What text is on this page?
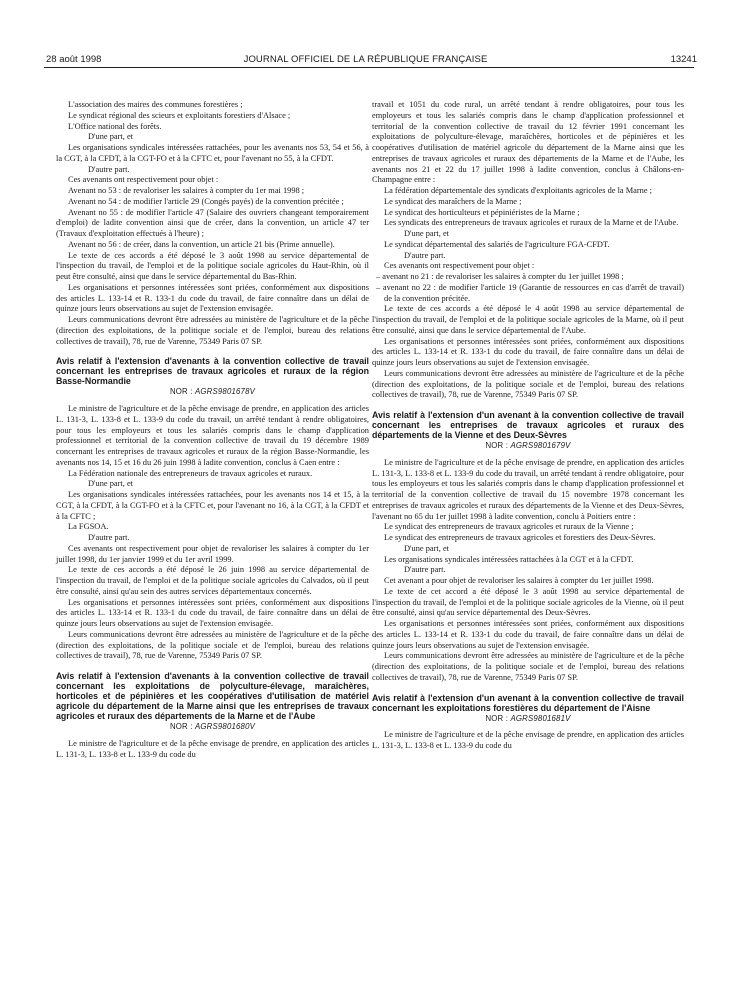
28 août 1998	JOURNAL OFFICIEL DE LA RÉPUBLIQUE FRANÇAISE	13241

L'association des maires des communes forestières ;

Le syndicat régional des scieurs et exploitants forestiers d'Alsace ;

L'Office national des forêts.

D'une part, et

Les organisations syndicales intéressées rattachées, pour les avenants nos 53, 54 et 56, à la CGT, à la CFDT, à la CGT-FO et à la CFTC et, pour l'avenant no 55, à la CFDT.

D'autre part.

Ces avenants ont respectivement pour objet :

Avenant no 53 : de revaloriser les salaires à compter du 1er mai 1998 ;

Avenant no 54 : de modifier l'article 29 (Congés payés) de la convention précitée ;

Avenant no 55 : de modifier l'article 47 (Salaire des ouvriers changeant temporairement d'emploi) de ladite convention ainsi que de créer, dans la convention, un article 47 ter (Travaux d'exploitation effectués à l'heure) ;

Avenant no 56 : de créer, dans la convention, un article 21 bis (Prime annuelle).

Le texte de ces accords a été déposé le 3 août 1998 au service départemental de l'inspection du travail, de l'emploi et de la politique sociale agricoles du Haut-Rhin, où il peut être consulté, ainsi que dans le service départemental du Bas-Rhin.

Les organisations et personnes intéressées sont priées, conformément aux dispositions des articles L. 133-14 et R. 133-1 du code du travail, de faire connaître dans un délai de quinze jours leurs observations au sujet de l'extension envisagée.

Leurs communications devront être adressées au ministère de l'agriculture et de la pêche (direction des exploitations, de la politique sociale et de l'emploi, bureau des relations collectives de travail), 78, rue de Varenne, 75349 Paris 07 SP.

Avis relatif à l'extension d'avenants à la convention collective de travail concernant les entreprises de travaux agricoles et ruraux de la région Basse-Normandie
NOR : AGRS9801678V

Le ministre de l'agriculture et de la pêche envisage de prendre, en application des articles L. 131-3, L. 133-8 et L. 133-9 du code du travail, un arrêté tendant à rendre obligatoires, pour tous les employeurs et tous les salariés compris dans le champ d'application professionnel et territorial de la convention collective de travail du 19 décembre 1989 concernant les entreprises de travaux agricoles et ruraux de la région Basse-Normandie, les avenants nos 14, 15 et 16 du 26 juin 1998 à ladite convention, conclus à Caen entre :

La Fédération nationale des entrepreneurs de travaux agricoles et ruraux.

D'une part, et

Les organisations syndicales intéressées rattachées, pour les avenants nos 14 et 15, à la CGT, à la CFDT, à la CGT-FO et à la CFTC et, pour l'avenant no 16, à la CGT, à la CFDT et à la CFTC ;

La FGSOA.

D'autre part.

Ces avenants ont respectivement pour objet de revaloriser les salaires à compter du 1er juillet 1998, du 1er janvier 1999 et du 1er avril 1999.

Le texte de ces accords a été déposé le 26 juin 1998 au service départemental de l'inspection du travail, de l'emploi et de la politique sociale agricoles du Calvados, où il peut être consulté, ainsi qu'au sein des autres services départementaux concernés.

Les organisations et personnes intéressées sont priées, conformément aux dispositions des articles L. 133-14 et R. 133-1 du code du travail, de faire connaître dans un délai de quinze jours leurs observations au sujet de l'extension envisagée.

Leurs communications devront être adressées au ministère de l'agriculture et de la pêche (direction des exploitations, de la politique sociale et de l'emploi, bureau des relations collectives de travail), 78, rue de Varenne, 75349 Paris 07 SP.

Avis relatif à l'extension d'avenants à la convention collective de travail concernant les exploitations de polyculture-élevage, maraîchères, horticoles et de pépinières et les coopératives d'utilisation de matériel agricole du département de la Marne ainsi que les entreprises de travaux agricoles et ruraux des départements de la Marne et de l'Aube
NOR : AGRS9801680V

Le ministre de l'agriculture et de la pêche envisage de prendre, en application des articles L. 131-3, L. 133-8 et L. 133-9 du code du

travail et 1051 du code rural, un arrêté tendant à rendre obligatoires, pour tous les employeurs et tous les salariés compris dans le champ d'application professionnel et territorial de la convention collective de travail du 12 février 1991 concernant les exploitations de polyculture-élevage, maraîchères, horticoles et de pépinières et les coopératives d'utilisation de matériel agricole du département de la Marne ainsi que les entreprises de travaux agricoles et ruraux des départements de la Marne et de l'Aube, les avenants nos 21 et 22 du 17 juillet 1998 à ladite convention, conclus à Châlons-en-Champagne entre :

La fédération départementale des syndicats d'exploitants agricoles de la Marne ;

Le syndicat des maraîchers de la Marne ;

Le syndicat des horticulteurs et pépiniéristes de la Marne ;

Les syndicats des entrepreneurs de travaux agricoles et ruraux de la Marne et de l'Aube.

D'une part, et

Le syndicat départemental des salariés de l'agriculture FGA-CFDT.

D'autre part.

Ces avenants ont respectivement pour objet :

– avenant no 21 : de revaloriser les salaires à compter du 1er juillet 1998 ;

– avenant no 22 : de modifier l'article 19 (Garantie de ressources en cas d'arrêt de travail) de la convention précitée.

Le texte de ces accords a été déposé le 4 août 1998 au service départemental de l'inspection du travail, de l'emploi et de la politique sociale agricoles de la Marne, où il peut être consulté, ainsi que dans le service départemental de l'Aube.

Les organisations et personnes intéressées sont priées, conformément aux dispositions des articles L. 133-14 et R. 133-1 du code du travail, de faire connaître dans un délai de quinze jours leurs observations au sujet de l'extension envisagée.

Leurs communications devront être adressées au ministère de l'agriculture et de la pêche (direction des exploitations, de la politique sociale et de l'emploi, bureau des relations collectives de travail), 78, rue de Varenne, 75349 Paris 07 SP.

Avis relatif à l'extension d'un avenant à la convention collective de travail concernant les entreprises de travaux agricoles et ruraux des départements de la Vienne et des Deux-Sèvres
NOR : AGRS9801679V

Le ministre de l'agriculture et de la pêche envisage de prendre, en application des articles L. 131-3, L. 133-8 et L. 133-9 du code du travail, un arrêté tendant à rendre obligatoire, pour tous les employeurs et tous les salariés compris dans le champ d'application professionnel et territorial de la convention collective de travail du 15 novembre 1978 concernant les entreprises de travaux agricoles et ruraux des départements de la Vienne et des Deux-Sèvres, l'avenant no 65 du 1er juillet 1998 à ladite convention, conclu à Poitiers entre :

Le syndicat des entrepreneurs de travaux agricoles et ruraux de la Vienne ;

Le syndicat des entrepreneurs de travaux agricoles et forestiers des Deux-Sèvres.

D'une part, et

Les organisations syndicales intéressées rattachées à la CGT et à la CFDT.

D'autre part.

Cet avenant a pour objet de revaloriser les salaires à compter du 1er juillet 1998.

Le texte de cet accord a été déposé le 3 août 1998 au service départemental de l'inspection du travail, de l'emploi et de la politique sociale agricoles de la Vienne, où il peut être consulté, ainsi qu'au service départemental des Deux-Sèvres.

Les organisations et personnes intéressées sont priées, conformément aux dispositions des articles L. 133-14 et R. 133-1 du code du travail, de faire connaître dans un délai de quinze jours leurs observations au sujet de l'extension envisagée.

Leurs communications devront être adressées au ministère de l'agriculture et de la pêche (direction des exploitations, de la politique sociale et de l'emploi, bureau des relations collectives de travail), 78, rue de Varenne, 75349 Paris 07 SP.

Avis relatif à l'extension d'un avenant à la convention collective de travail concernant les exploitations forestières du département de l'Aisne
NOR : AGRS9801681V

Le ministre de l'agriculture et de la pêche envisage de prendre, en application des articles L. 131-3, L. 133-8 et L. 133-9 du code du
